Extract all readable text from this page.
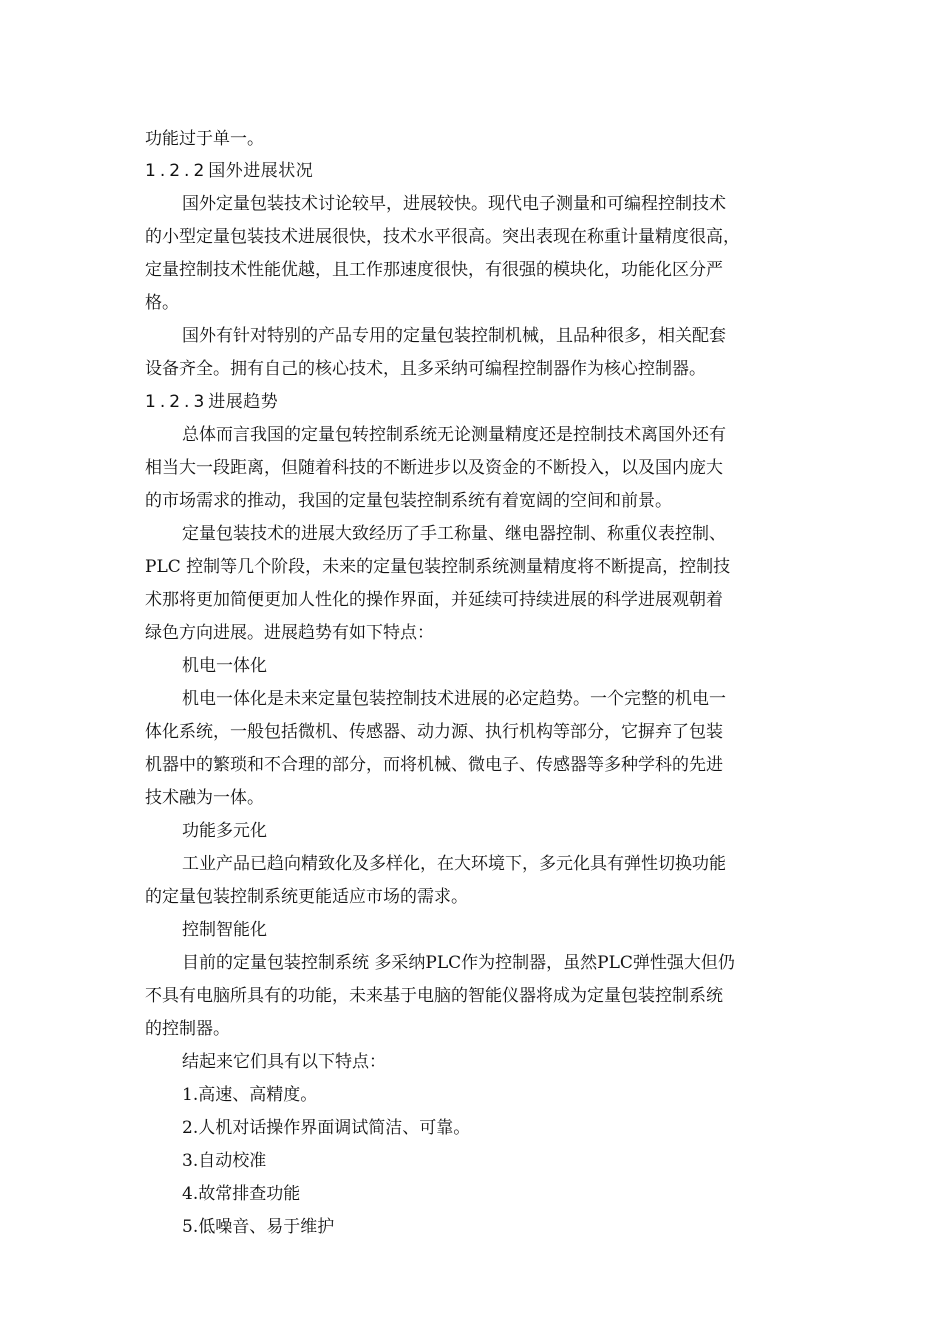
功能过于单一。
1.2.2国外进展状况
国外定量包装技术讨论较早，进展较快。现代电子测量和可编程控制技术
的小型定量包装技术进展很快，技术水平很高。突出表现在称重计量精度很高，
定量控制技术性能优越，且工作那速度很快，有很强的模块化，功能化区分严
格。
国外有针对特别的产品专用的定量包装控制机械，且品种很多，相关配套
设备齐全。拥有自己的核心技术，且多采纳可编程控制器作为核心控制器。
1.2.3进展趋势
总体而言我国的定量包转控制系统无论测量精度还是控制技术离国外还有
相当大一段距离，但随着科技的不断进步以及资金的不断投入，以及国内庞大
的市场需求的推动，我国的定量包装控制系统有着宽阔的空间和前景。
定量包装技术的进展大致经历了手工称量、继电器控制、称重仪表控制、
PLC 控制等几个阶段，未来的定量包装控制系统测量精度将不断提高，控制技
术那将更加简便更加人性化的操作界面，并延续可持续进展的科学进展观朝着
绿色方向进展。进展趋势有如下特点：
机电一体化
机电一体化是未来定量包装控制技术进展的必定趋势。一个完整的机电一
体化系统，一般包括微机、传感器、动力源、执行机构等部分，它摒弃了包装
机器中的繁琐和不合理的部分，而将机械、微电子、传感器等多种学科的先进
技术融为一体。
功能多元化
工业产品已趋向精致化及多样化，在大环境下，多元化具有弹性切换功能
的定量包装控制系统更能适应市场的需求。
控制智能化
目前的定量包装控制系统 多采纳PLC作为控制器，虽然PLC弹性强大但仍
不具有电脑所具有的功能，未来基于电脑的智能仪器将成为定量包装控制系统
的控制器。
结起来它们具有以下特点：
1.高速、高精度。
2.人机对话操作界面调试简洁、可靠。
3.自动校准
4.故常排查功能
5.低噪音、易于维护
